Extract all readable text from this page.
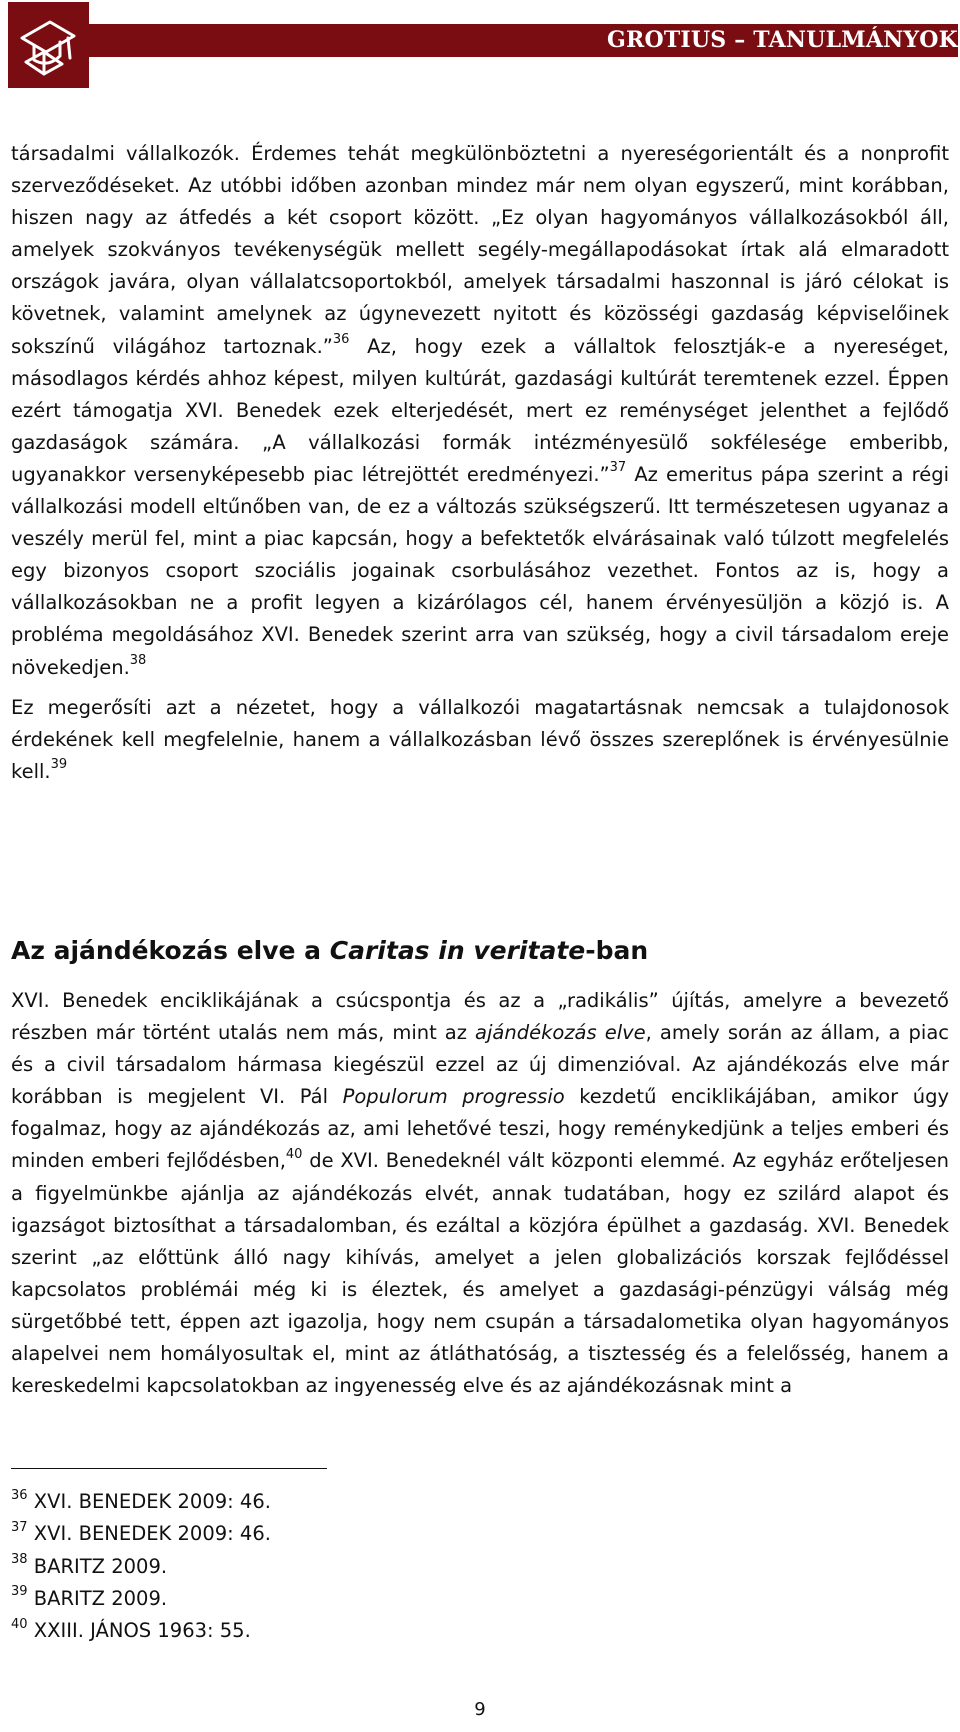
GROTIUS – TANULMÁNYOK

társadalmi vállalkozók. Érdemes tehát megkülönböztetni a nyereségorientált és a nonprofit szerveződéseket. Az utóbbi időben azonban mindez már nem olyan egyszerű, mint korábban, hiszen nagy az átfedés a két csoport között. „Ez olyan hagyományos vállalkozásokból áll, amelyek szokványos tevékenységük mellett segély-megállapodásokat írtak alá elmaradott országok javára, olyan vállalatcsoportokból, amelyek társadalmi haszonnal is járó célokat is követnek, valamint amelynek az úgynevezett nyitott és közösségi gazdaság képviselőinek sokszínű világához tartoznak.”$^{36}$ Az, hogy ezek a vállaltok felosztják-e a nyereséget, másodlagos kérdés ahhoz képest, milyen kultúrát, gazdasági kultúrát teremtenek ezzel. Éppen ezért támogatja XVI. Benedek ezek elterjedését, mert ez reménységet jelenthet a fejlődő gazdaságok számára. „A vállalkozási formák intézményesülő sokfélesége emberibb, ugyanakkor versenyképesebb piac létrejöttét eredményezi.”$^{37}$ Az emeritus pápa szerint a régi vállalkozási modell eltűnőben van, de ez a változás szükségszerű. Itt természetesen ugyanaz a veszély merül fel, mint a piac kapcsán, hogy a befektetők elvárásainak való túlzott megfelelés egy bizonyos csoport szociális jogainak csorbulásához vezethet. Fontos az is, hogy a vállalkozásokban ne a profit legyen a kizárólagos cél, hanem érvényesüljön a közjó is. A probléma megoldásához XVI. Benedek szerint arra van szükség, hogy a civil társadalom ereje növekedjen.$^{38}$

Ez megerősíti azt a nézetet, hogy a vállalkozói magatartásnak nemcsak a tulajdonosok érdekének kell megfelelnie, hanem a vállalkozásban lévő összes szereplőnek is érvényesülnie kell.$^{39}$

Az ajándékozás elve a Caritas in veritate-ban

XVI. Benedek enciklikájának a csúcspontja és az a „radikális” újítás, amelyre a bevezető részben már történt utalás nem más, mint az ajándékozás elve, amely során az állam, a piac és a civil társadalom hármasa kiegészül ezzel az új dimenzióval. Az ajándékozás elve már korábban is megjelent VI. Pál Populorum progressio kezdetű enciklikájában, amikor úgy fogalmaz, hogy az ajándékozás az, ami lehetővé teszi, hogy reménykedjünk a teljes emberi és minden emberi fejlődésben,$^{40}$ de XVI. Benedeknél vált központi elemmé. Az egyház erőteljesen a figyelmünkbe ajánlja az ajándékozás elvét, annak tudatában, hogy ez szilárd alapot és igazságot biztosíthat a társadalomban, és ezáltal a közjóra épülhet a gazdaság. XVI. Benedek szerint „az előttünk álló nagy kihívás, amelyet a jelen globalizációs korszak fejlődéssel kapcsolatos problémái még ki is éleztek, és amelyet a gazdasági-pénzügyi válság még sürgetőbbé tett, éppen azt igazolja, hogy nem csupán a társadalometika olyan hagyományos alapelvei nem homályosultak el, mint az átláthatóság, a tisztesség és a felelősség, hanem a kereskedelmi kapcsolatokban az ingyenesség elve és az ajándékozásnak mint a

$^{36}$ XVI. BENEDEK 2009: 46.
$^{37}$ XVI. BENEDEK 2009: 46.
$^{38}$ BARITZ 2009.
$^{39}$ BARITZ 2009.
$^{40}$ XXIII. JÁNOS 1963: 55.
9
